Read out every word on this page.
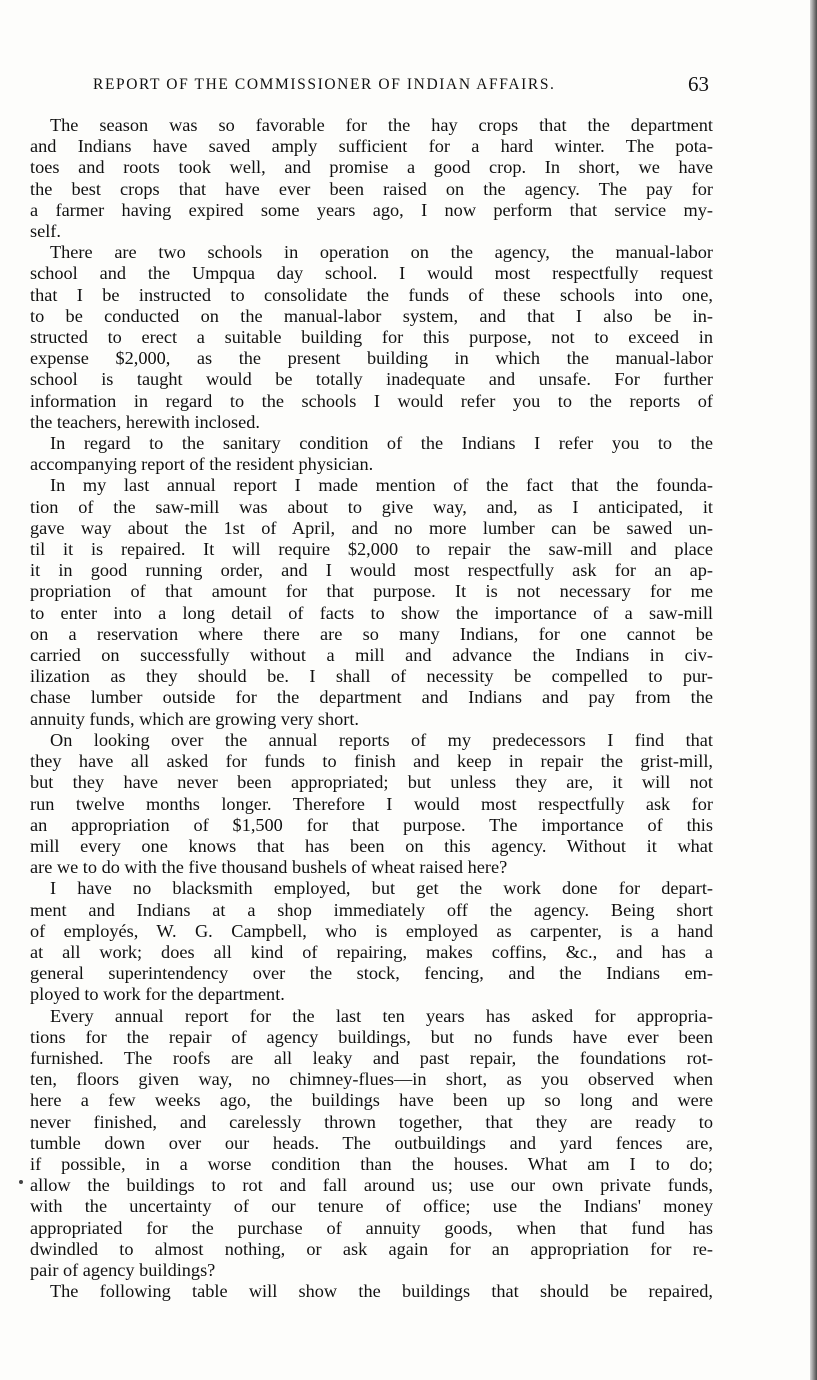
REPORT OF THE COMMISSIONER OF INDIAN AFFAIRS.	63
The season was so favorable for the hay crops that the department
and Indians have saved amply sufficient for a hard winter. The pota-
toes and roots took well, and promise a good crop. In short, we have
the best crops that have ever been raised on the agency. The pay for
a farmer having expired some years ago, I now perform that service my-
self.
There are two schools in operation on the agency, the manual-labor
school and the Umpqua day school. I would most respectfully request
that I be instructed to consolidate the funds of these schools into one,
to be conducted on the manual-labor system, and that I also be in-
structed to erect a suitable building for this purpose, not to exceed in
expense $2,000, as the present building in which the manual-labor
school is taught would be totally inadequate and unsafe. For further
information in regard to the schools I would refer you to the reports of
the teachers, herewith inclosed.
In regard to the sanitary condition of the Indians I refer you to the
accompanying report of the resident physician.
In my last annual report I made mention of the fact that the founda-
tion of the saw-mill was about to give way, and, as I anticipated, it
gave way about the 1st of April, and no more lumber can be sawed un-
til it is repaired. It will require $2,000 to repair the saw-mill and place
it in good running order, and I would most respectfully ask for an ap-
propriation of that amount for that purpose. It is not necessary for me
to enter into a long detail of facts to show the importance of a saw-mill
on a reservation where there are so many Indians, for one cannot be
carried on successfully without a mill and advance the Indians in civ-
ilization as they should be. I shall of necessity be compelled to pur-
chase lumber outside for the department and Indians and pay from the
annuity funds, which are growing very short.
On looking over the annual reports of my predecessors I find that
they have all asked for funds to finish and keep in repair the grist-mill,
but they have never been appropriated; but unless they are, it will not
run twelve months longer. Therefore I would most respectfully ask for
an appropriation of $1,500 for that purpose. The importance of this
mill every one knows that has been on this agency. Without it what
are we to do with the five thousand bushels of wheat raised here?
I have no blacksmith employed, but get the work done for depart-
ment and Indians at a shop immediately off the agency. Being short
of employés, W. G. Campbell, who is employed as carpenter, is a hand
at all work; does all kind of repairing, makes coffins, &c., and has a
general superintendency over the stock, fencing, and the Indians em-
ployed to work for the department.
Every annual report for the last ten years has asked for appropria-
tions for the repair of agency buildings, but no funds have ever been
furnished. The roofs are all leaky and past repair, the foundations rot-
ten, floors given way, no chimney-flues—in short, as you observed when
here a few weeks ago, the buildings have been up so long and were
never finished, and carelessly thrown together, that they are ready to
tumble down over our heads. The outbuildings and yard fences are,
if possible, in a worse condition than the houses. What am I to do;
allow the buildings to rot and fall around us; use our own private funds,
with the uncertainty of our tenure of office; use the Indians' money
appropriated for the purchase of annuity goods, when that fund has
dwindled to almost nothing, or ask again for an appropriation for re-
pair of agency buildings?
The following table will show the buildings that should be repaired,
